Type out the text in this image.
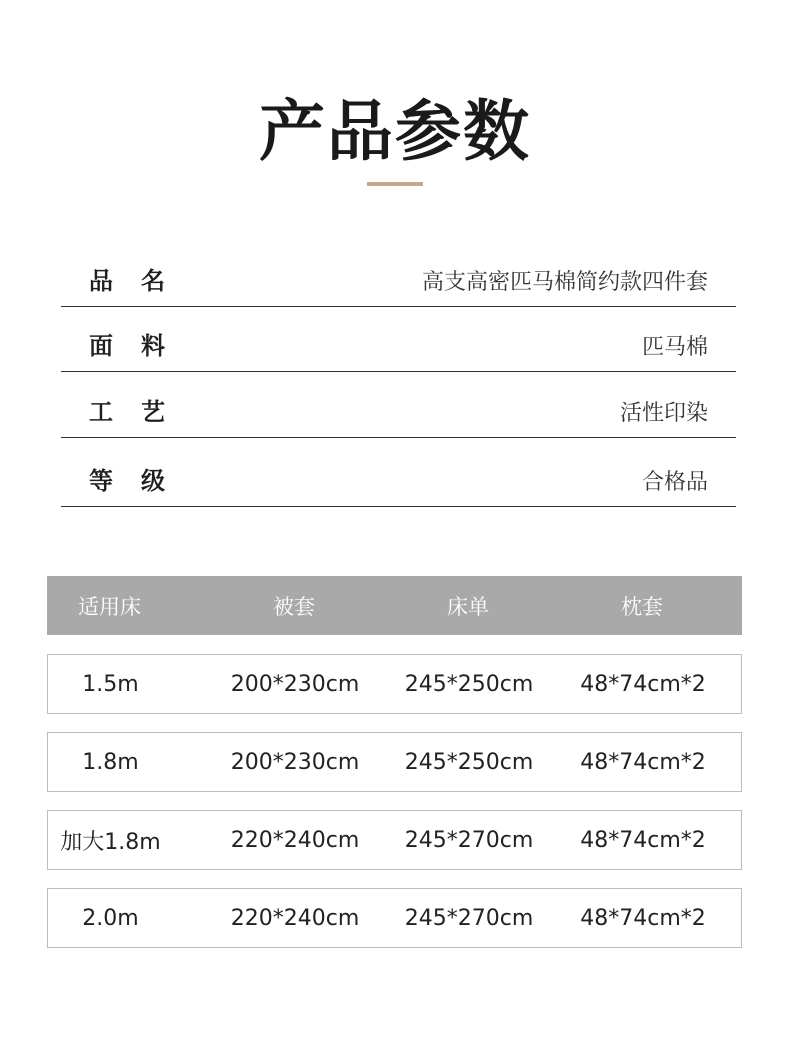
产品参数
品 名	高支高密匹马棉简约款四件套
面 料	匹马棉
工 艺	活性印染
等 级	合格品
适用床	被套	床单	枕套
1.5m	200*230cm	245*250cm	48*74cm*2
1.8m	200*230cm	245*250cm	48*74cm*2
加大1.8m	220*240cm	245*270cm	48*74cm*2
2.0m	220*240cm	245*270cm	48*74cm*2
